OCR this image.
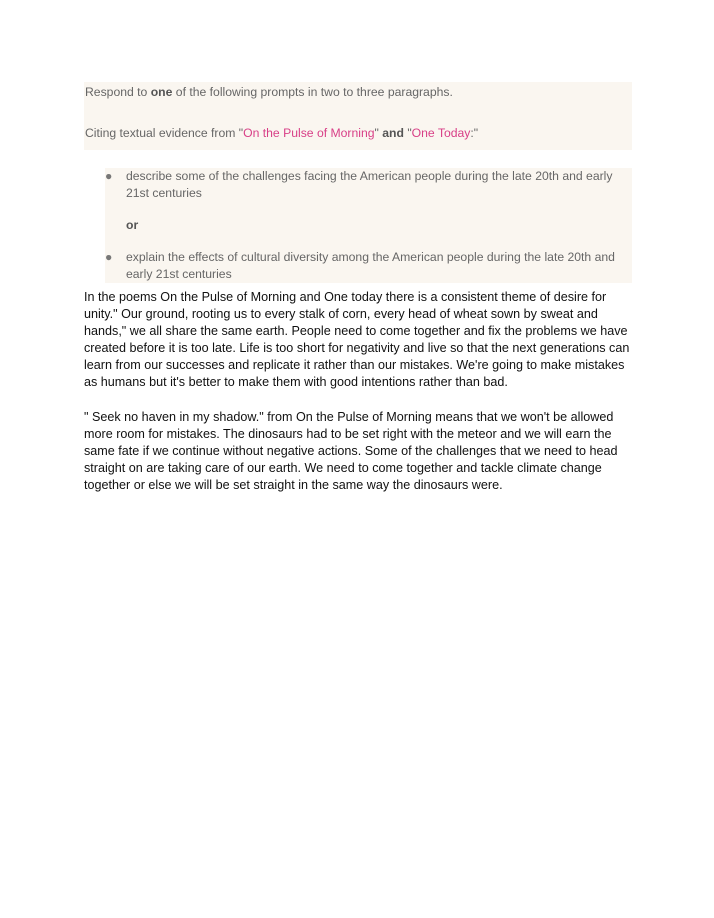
Respond to one of the following prompts in two to three paragraphs.

Citing textual evidence from "On the Pulse of Morning" and "One Today:"

● describe some of the challenges facing the American people during the late 20th and early 21st centuries
or
● explain the effects of cultural diversity among the American people during the late 20th and early 21st centuries

In the poems On the Pulse of Morning and One today there is a consistent theme of desire for unity." Our ground, rooting us to every stalk of corn, every head of wheat sown by sweat and hands," we all share the same earth. People need to come together and fix the problems we have created before it is too late. Life is too short for negativity and live so that the next generations can learn from our successes and replicate it rather than our mistakes. We're going to make mistakes as humans but it's better to make them with good intentions rather than bad.

" Seek no haven in my shadow." from On the Pulse of Morning means that we won't be allowed more room for mistakes. The dinosaurs had to be set right with the meteor and we will earn the same fate if we continue without negative actions. Some of the challenges that we need to head straight on are taking care of our earth. We need to come together and tackle climate change together or else we will be set straight in the same way the dinosaurs were.
